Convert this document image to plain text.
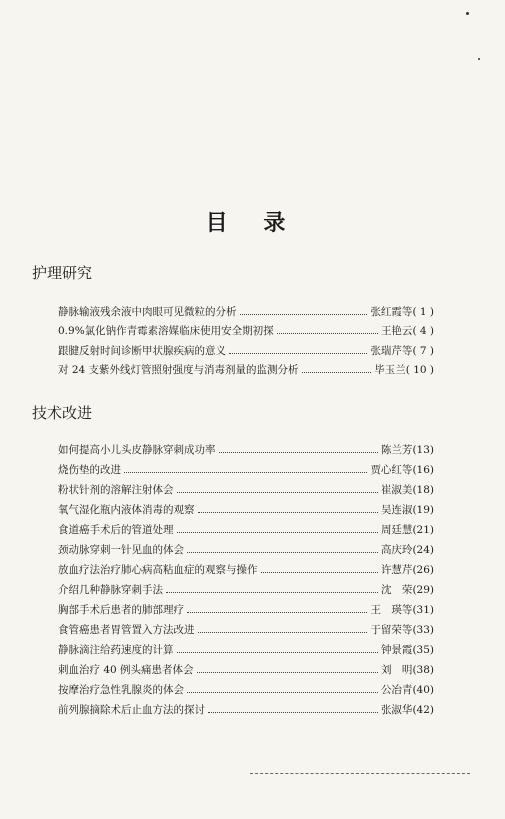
目 录
护理研究
静脉输液残余液中肉眼可见微粒的分析	张红霞等 ( 1 )
0.9%氯化钠作青霉素溶媒临床使用安全期初探	王艳云 ( 4 )
跟腱反射时间诊断甲状腺疾病的意义	张瑞芹等 ( 7 )
对 24 支紫外线灯管照射强度与消毒剂量的监测分析	毕玉兰 ( 10 )
技术改进
如何提高小儿头皮静脉穿刺成功率	陈兰芳 (13)
烧伤垫的改进	贾心红等 (16)
粉状针剂的溶解注射体会	崔淑美 (18)
氧气湿化瓶内液体消毒的观察	吴连淑 (19)
食道癌手术后的管道处理	周廷慧 (21)
颈动脉穿刺一针见血的体会	高庆玲 (24)
放血疗法治疗肺心病高粘血症的观察与操作	许慧芹 (26)
介绍几种静脉穿刺手法	沈　荣 (29)
胸部手术后患者的肺部理疗	王　瑛等 (31)
食管癌患者胃管置入方法改进	于留荣等 (33)
静脉滴注给药速度的计算	钟景霞 (35)
刺血治疗 40 例头痛患者体会	刘　明 (38)
按摩治疗急性乳腺炎的体会	公冶青 (40)
前列腺摘除术后止血方法的探讨	张淑华 (42)
